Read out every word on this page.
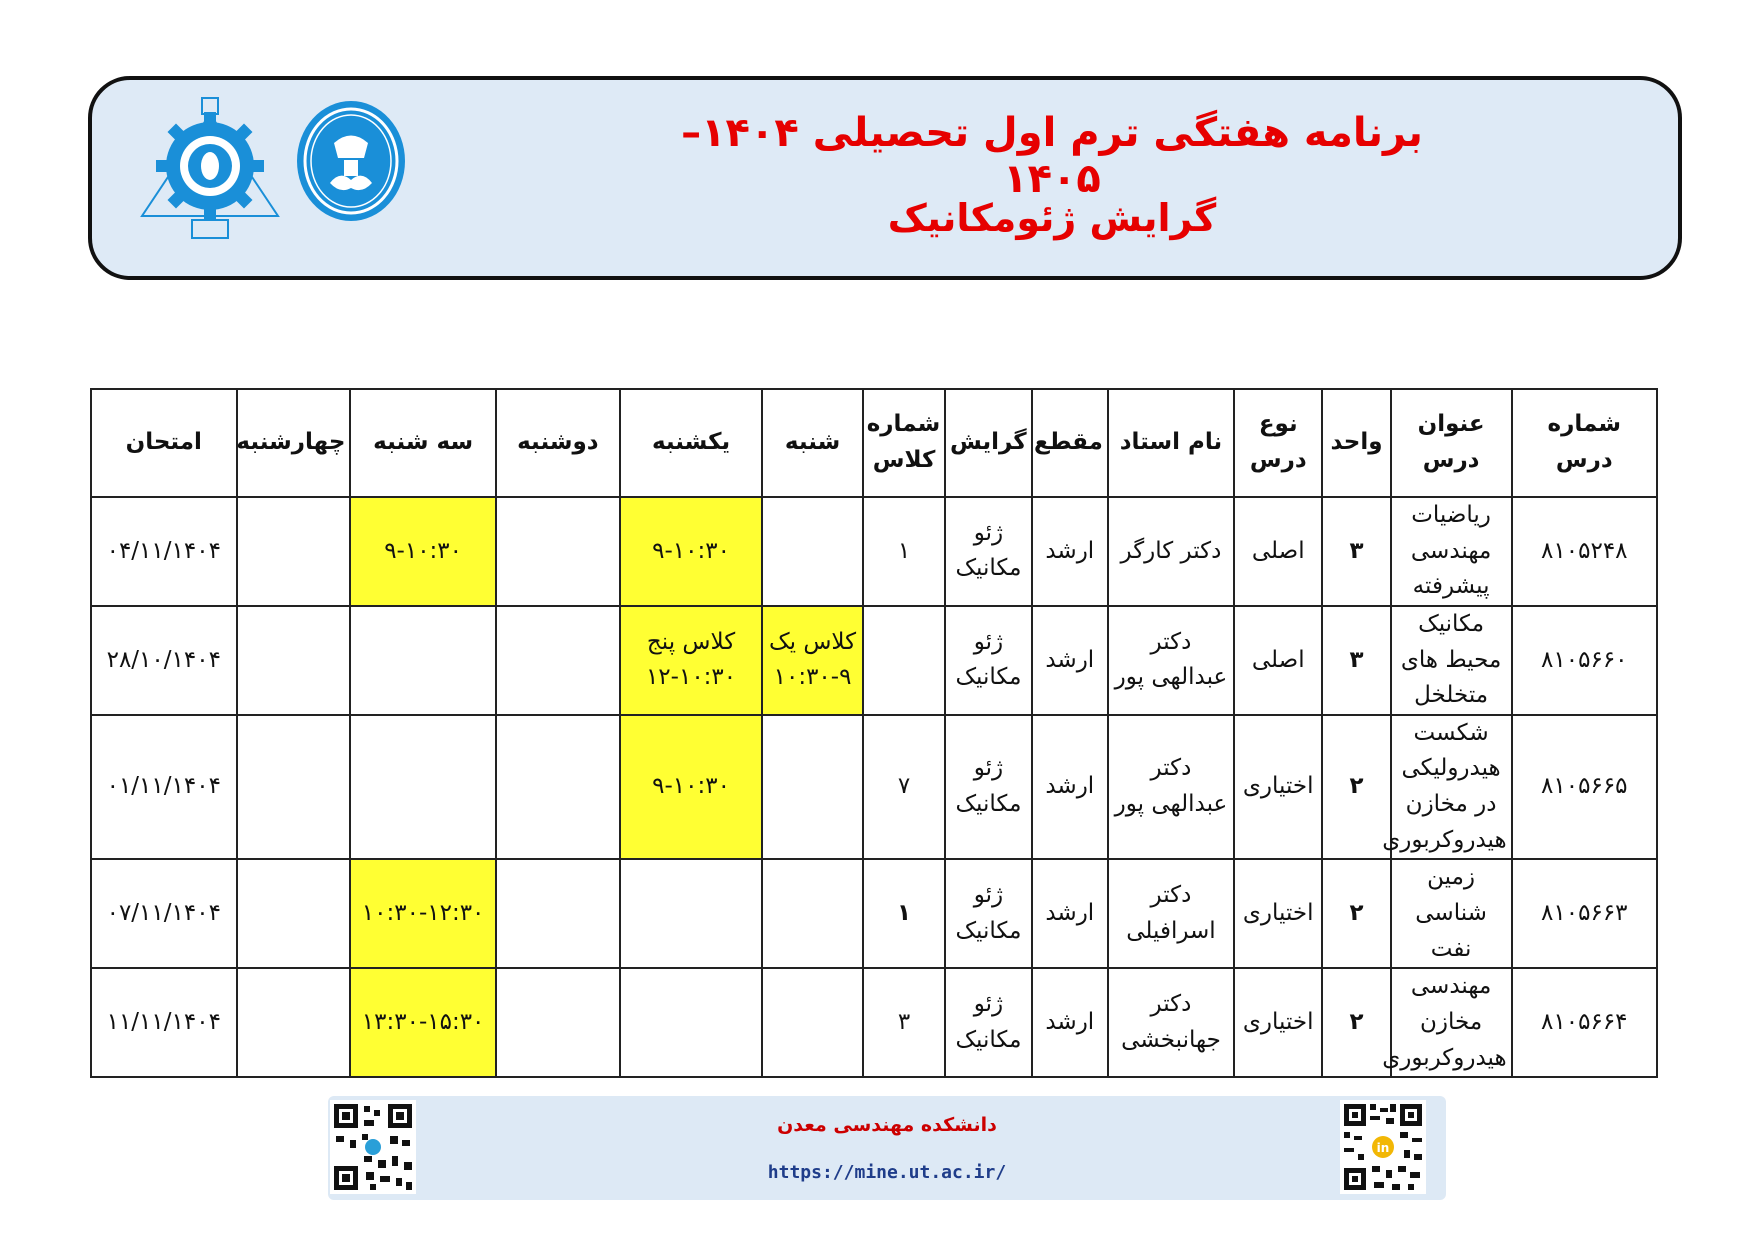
برنامه هفتگی ترم اول تحصیلی ۱۴۰۴–۱۴۰۵
گرایش ژئومکانیک
شماره درس	عنوان درس	واحد	نوع درس	نام استاد	مقطع	گرایش	شماره کلاس	شنبه	یکشنبه	دوشنبه	سه شنبه	چهارشنبه	امتحان
۸۱۰۵۲۴۸	ریاضیات مهندسی پیشرفته	۳	اصلی	دکتر کارگر	ارشد	ژئو مکانیک	۱		۹-۱۰:۳۰		۹-۱۰:۳۰		۰۴/۱۱/۱۴۰۴
۸۱۰۵۶۶۰	مکانیک محیط های متخلخل	۳	اصلی	دکتر عبدالهی پور	ارشد	ژئو مکانیک		کلاس یک ۹-۱۰:۳۰	کلاس پنج ۱۰:۳۰-۱۲				۲۸/۱۰/۱۴۰۴
۸۱۰۵۶۶۵	شکست هیدرولیکی در مخازن هیدروکربوری	۲	اختیاری	دکتر عبدالهی پور	ارشد	ژئو مکانیک	۷		۹-۱۰:۳۰				۰۱/۱۱/۱۴۰۴
۸۱۰۵۶۶۳	زمین شناسی نفت	۲	اختیاری	دکتر اسرافیلی	ارشد	ژئو مکانیک	۱				۱۰:۳۰-۱۲:۳۰		۰۷/۱۱/۱۴۰۴
۸۱۰۵۶۶۴	مهندسی مخازن هیدروکربوری	۲	اختیاری	دکتر جهانبخشی	ارشد	ژئو مکانیک	۳				۱۳:۳۰-۱۵:۳۰		۱۱/۱۱/۱۴۰۴
دانشکده مهندسی معدن
https://mine.ut.ac.ir/
in
